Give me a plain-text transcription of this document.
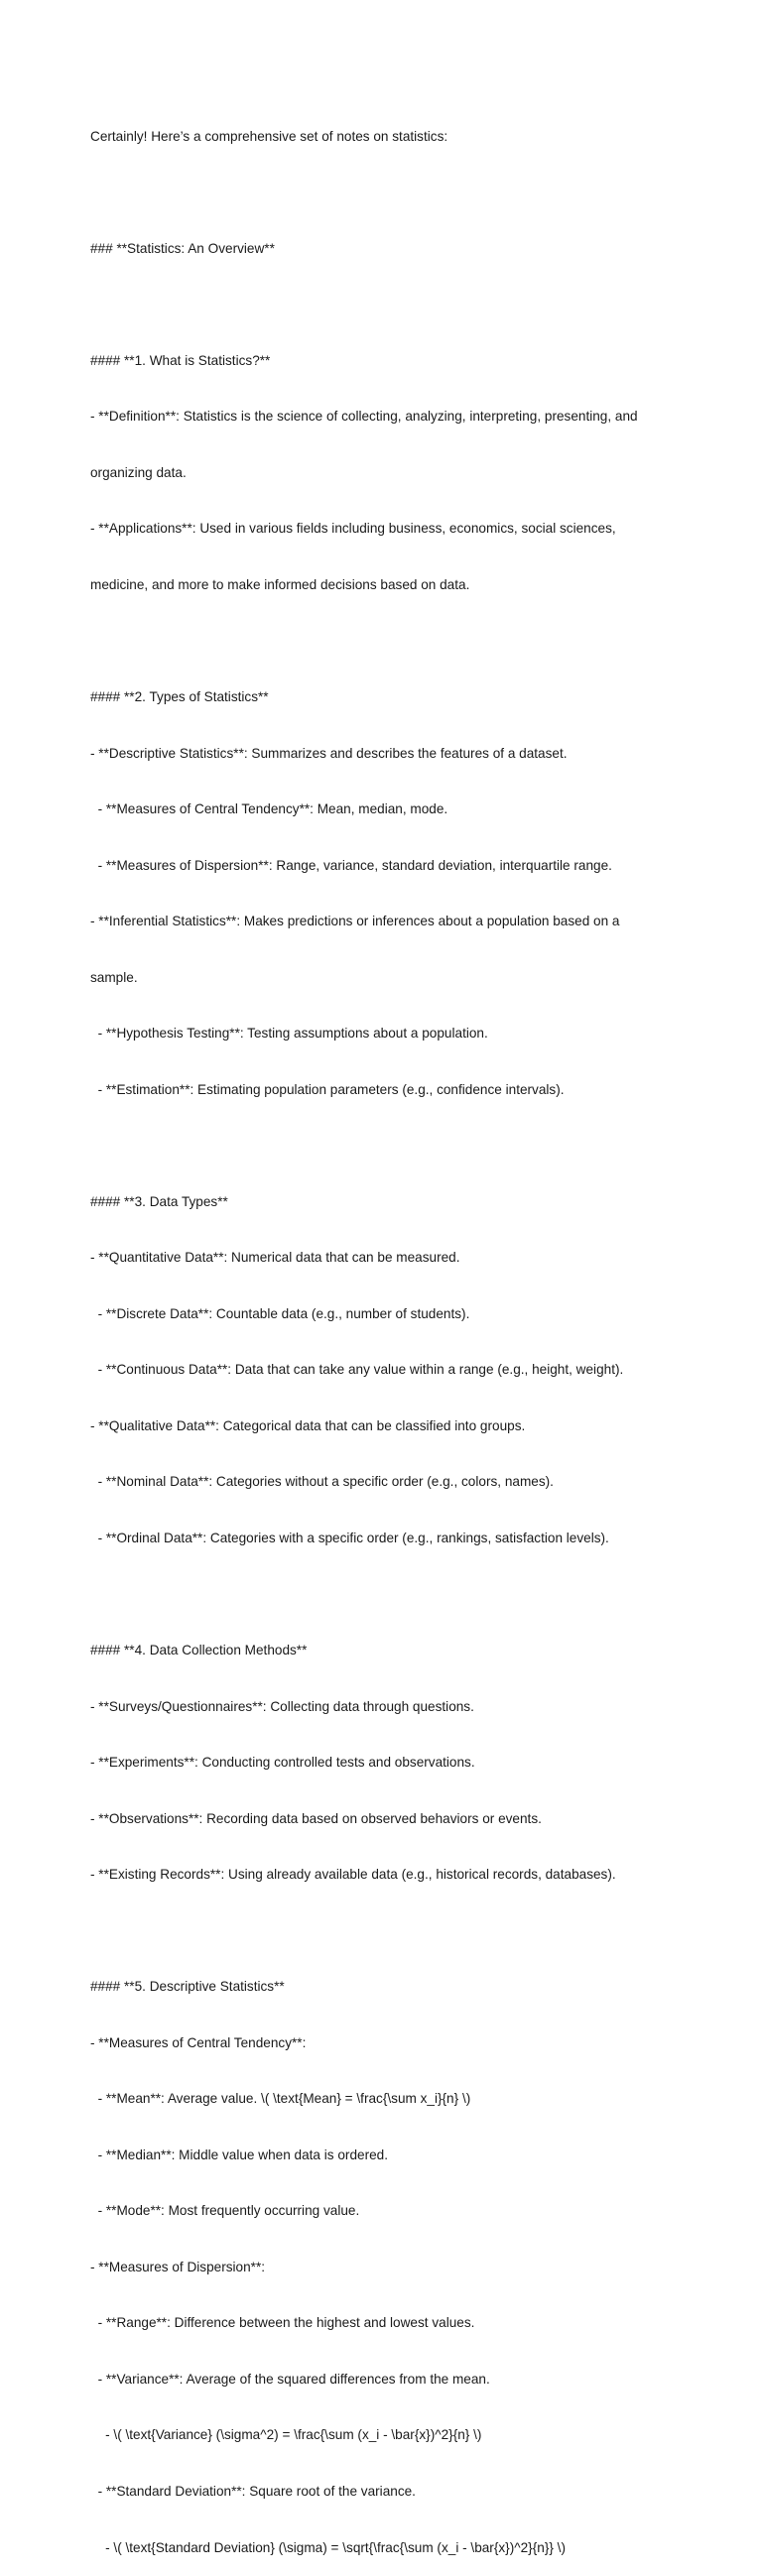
Certainly! Here’s a comprehensive set of notes on statistics:

### **Statistics: An Overview**

#### **1. What is Statistics?**

- **Definition**: Statistics is the science of collecting, analyzing, interpreting, presenting, and

organizing data.

- **Applications**: Used in various fields including business, economics, social sciences,

medicine, and more to make informed decisions based on data.

#### **2. Types of Statistics**

- **Descriptive Statistics**: Summarizes and describes the features of a dataset.

- **Measures of Central Tendency**: Mean, median, mode.

- **Measures of Dispersion**: Range, variance, standard deviation, interquartile range.

- **Inferential Statistics**: Makes predictions or inferences about a population based on a

sample.

- **Hypothesis Testing**: Testing assumptions about a population.

- **Estimation**: Estimating population parameters (e.g., confidence intervals).

#### **3. Data Types**

- **Quantitative Data**: Numerical data that can be measured.

- **Discrete Data**: Countable data (e.g., number of students).

- **Continuous Data**: Data that can take any value within a range (e.g., height, weight).

- **Qualitative Data**: Categorical data that can be classified into groups.

- **Nominal Data**: Categories without a specific order (e.g., colors, names).

- **Ordinal Data**: Categories with a specific order (e.g., rankings, satisfaction levels).

#### **4. Data Collection Methods**

- **Surveys/Questionnaires**: Collecting data through questions.

- **Experiments**: Conducting controlled tests and observations.

- **Observations**: Recording data based on observed behaviors or events.

- **Existing Records**: Using already available data (e.g., historical records, databases).

#### **5. Descriptive Statistics**

- **Measures of Central Tendency**:

- **Mean**: Average value. \( \text{Mean} = \frac{\sum x_i}{n} \)

- **Median**: Middle value when data is ordered.

- **Mode**: Most frequently occurring value.

- **Measures of Dispersion**:

- **Range**: Difference between the highest and lowest values.

- **Variance**: Average of the squared differences from the mean.

- \( \text{Variance} (\sigma^2) = \frac{\sum (x_i - \bar{x})^2}{n} \)

- **Standard Deviation**: Square root of the variance.

- \( \text{Standard Deviation} (\sigma) = \sqrt{\frac{\sum (x_i - \bar{x})^2}{n}} \)
